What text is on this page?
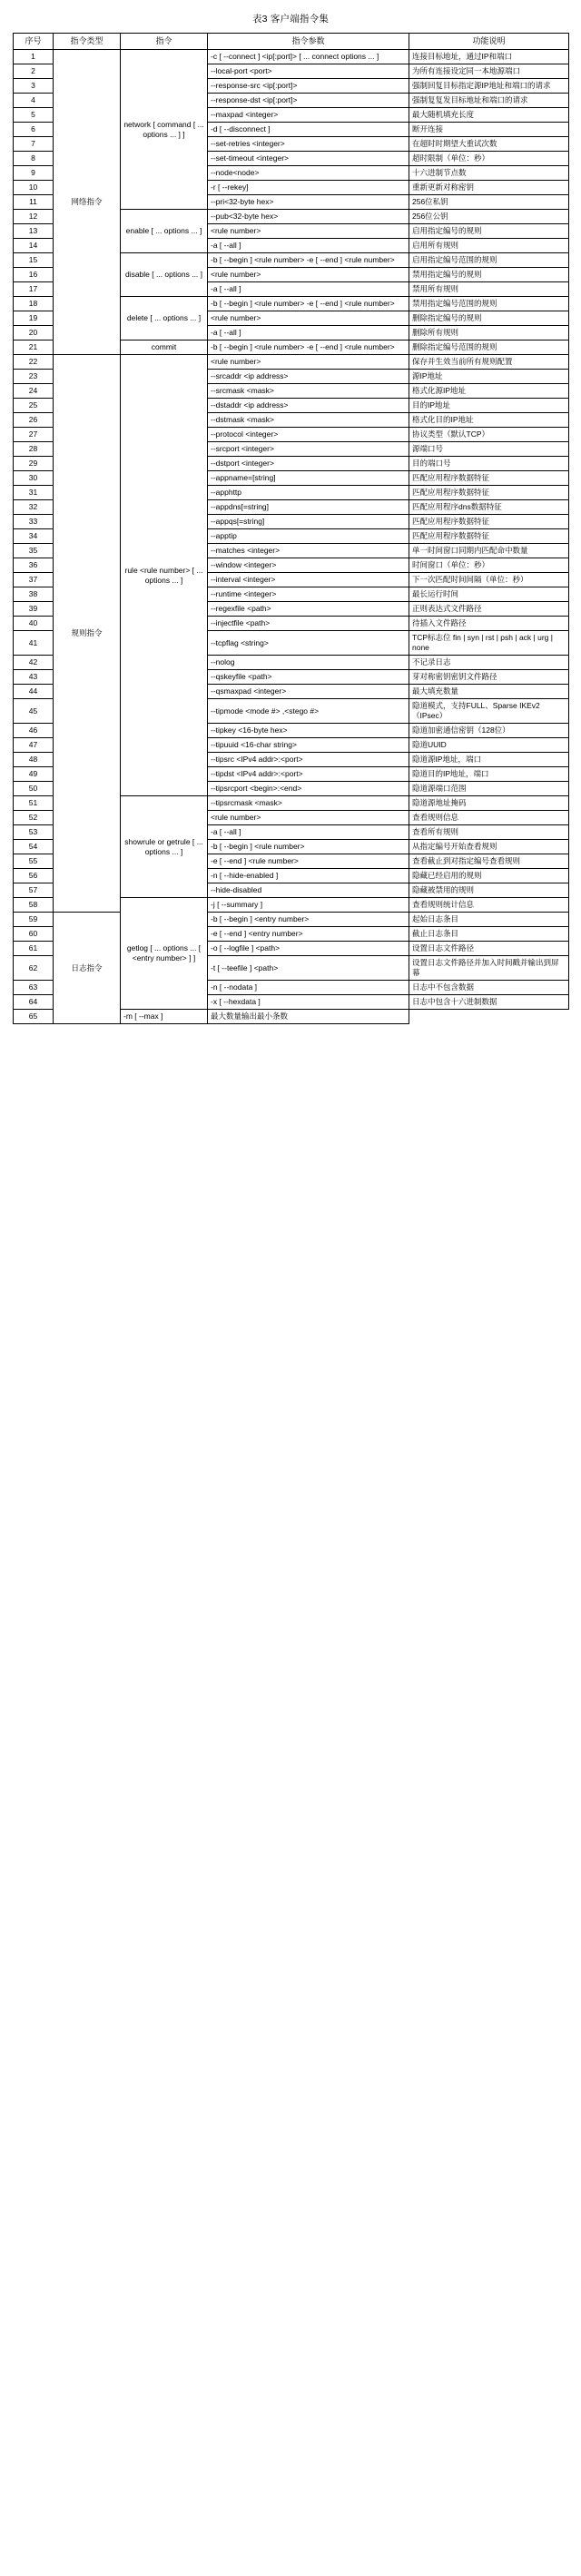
表3 客户端指令集
序号	指令类型	指令	指令参数	功能说明
1	网络指令	network [ command [ ... options ... ] ]	-c [ --connect ] <ip[:port]> [ ... connect options ... ]	连接目标地址，通过IP和端口
2			--local-port <port>	为所有连接设定同一本地源端口
3			--response-src <ip[:port]>	强制回复目标指定源IP地址和端口的请求
4			--response-dst <ip[:port]>	强制复复发目标地址和端口的请求
5			--maxpad <integer>	最大随机填充长度
6			-d [ --disconnect ]	断开连接
7			--set-retries <integer>	在超时时期望大重试次数
8			--set-timeout <integer>	超时限制（单位：秒）
9			--node<node>	十六进制节点数
10			-r [ --rekey]	重新更新对称密钥
11			--pri<32-byte hex>	256位私钥
12		enable [ ... options ... ]	--pub<32-byte hex>	256位公钥
13			<rule number>	启用指定编号的规则
14			-a [ --all ]	启用所有规则
15		disable [ ... options ... ]	-b [ --begin ] <rule number> -e [ --end ] <rule number>	启用指定编号范围的规则
16			<rule number>	禁用指定编号的规则
17			-a [ --all ]	禁用所有规则
18		delete [ ... options ... ]	-b [ --begin ] <rule number> -e [ --end ] <rule number>	禁用指定编号范围的规则
19			<rule number>	删除指定编号的规则
20			-a [ --all ]	删除所有规则
21		commit	-b [ --begin ] <rule number> -e [ --end ] <rule number>	删除指定编号范围的规则
22	规则指令	rule <rule number> [ ... options ... ]	<rule number>	保存并生效当前所有规则配置
23			--srcaddr <ip address>	源IP地址
24			--srcmask <mask>	格式化源IP地址
25			--dstaddr <ip address>	目的IP地址
26			--dstmask <mask>	格式化目的IP地址
27			--protocol <integer>	协议类型（默认TCP）
28			--srcport <integer>	源端口号
29			--dstport <integer>	目的端口号
30			--appname=[string]	匹配应用程序数据特征
31			--apphttp	匹配应用程序数据特征
32			--appdns[=string]	匹配应用程序dns数据特征
33			--appqs[=string]	匹配应用程序数据特征
34			--apptip	匹配应用程序数据特征
35			--matches <integer>	单一时间窗口同期内匹配命中数量
36			--window <integer>	时间窗口（单位：秒）
37			--interval <integer>	下一次匹配时间间隔（单位：秒）
38			--runtime <integer>	最长运行时间
39			--regexfile <path>	正则表达式文件路径
40			--injectfile <path>	待插入文件路径
41			--tcpflag <string>	TCP标志位 fin | syn | rst | psh | ack | urg | none
42			--nolog	不记录日志
43			--qskeyfile <path>	芽对称密钥密钥文件路径
44			--qsmaxpad <integer>	最大填充数量
45			--tipmode <mode #> ,<stego #>	隐道模式，支持FULL、Sparse IKEv2（IPsec）
46			--tipkey <16-byte hex>	隐道加密通信密钥（128位）
47			--tipuuid <16-char string>	隐道UUID
48			--tipsrc <IPv4 addr>:<port>	隐道源IP地址，端口
49			--tipdst <IPv4 addr>:<port>	隐道目的IP地址，端口
50			--tipsrcport <begin>:<end>	隐道源端口范围
51		showrule or getrule [ ... options ... ]	--tipsrcmask <mask>	隐道源地址掩码
52			<rule number>	查看规则信息
53			-a [ --all ]	查看所有规则
54			-b [ --begin ] <rule number>	从指定编号开始查看规则
55			-e [ --end ] <rule number>	查看截止到对指定编号查看规则
56			-n [ --hide-enabled ]	隐藏已经启用的规则
57			--hide-disabled	隐藏被禁用的规则
58		getlog [ ... options ... [ <entry number> ] ]	-j [ --summary ]	查看规则统计信息
59	日志指令		-b [ --begin ] <entry number>	起始日志条目
60			-e [ --end ] <entry number>	截止日志条目
61			-o [ --logfile ] <path>	设置日志文件路径
62			-t [ --teefile ] <path>	设置日志文件路径并加入时间戳并输出到屏幕
63			-n [ --nodata ]	日志中不包含数据
64			-x [ --hexdata ]	日志中包含十六进制数据
65		-m [ --max ]	最大数量输出最小条数	
